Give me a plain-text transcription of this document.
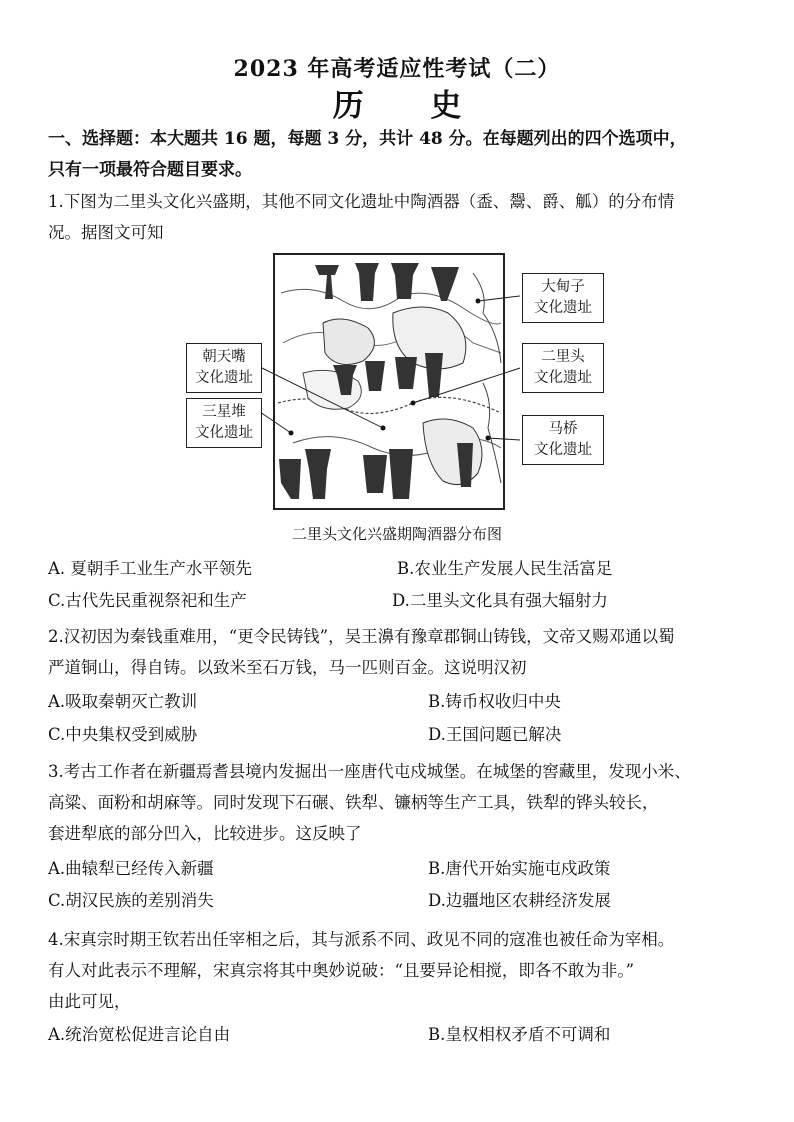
2023 年高考适应性考试（二）
历 史
一、选择题：本大题共 16 题，每题 3 分，共计 48 分。在每题列出的四个选项中，
只有一项最符合题目要求。
1.下图为二里头文化兴盛期，其他不同文化遗址中陶酒器（盉、鬶、爵、觚）的分布情
况。据图文可知
大甸子
文化遗址
朝天嘴
文化遗址
二里头
文化遗址
三星堆
文化遗址	马桥
文化遗址
二里头文化兴盛期陶酒器分布图
A. 夏朝手工业生产水平领先	B.农业生产发展人民生活富足
C.古代先民重视祭祀和生产	D.二里头文化具有强大辐射力
2.汉初因为秦钱重难用，“更令民铸钱”，吴王濞有豫章郡铜山铸钱，文帝又赐邓通以蜀
严道铜山，得自铸。以致米至石万钱，马一匹则百金。这说明汉初
A.吸取秦朝灭亡教训	B.铸币权收归中央
C.中央集权受到威胁	D.王国问题已解决
3.考古工作者在新疆焉耆县境内发掘出一座唐代屯戍城堡。在城堡的窖藏里，发现小米、
高粱、面粉和胡麻等。同时发现下石碾、铁犁、镰柄等生产工具，铁犁的铧头较长，
套进犁底的部分凹入，比较进步。这反映了
A.曲辕犁已经传入新疆	B.唐代开始实施屯戍政策
C.胡汉民族的差别消失	D.边疆地区农耕经济发展
4.宋真宗时期王钦若出任宰相之后，其与派系不同、政见不同的寇准也被任命为宰相。
有人对此表示不理解，宋真宗将其中奥妙说破：“且要异论相搅，即各不敢为非。”
由此可见，
A.统治宽松促进言论自由	B.皇权相权矛盾不可调和
